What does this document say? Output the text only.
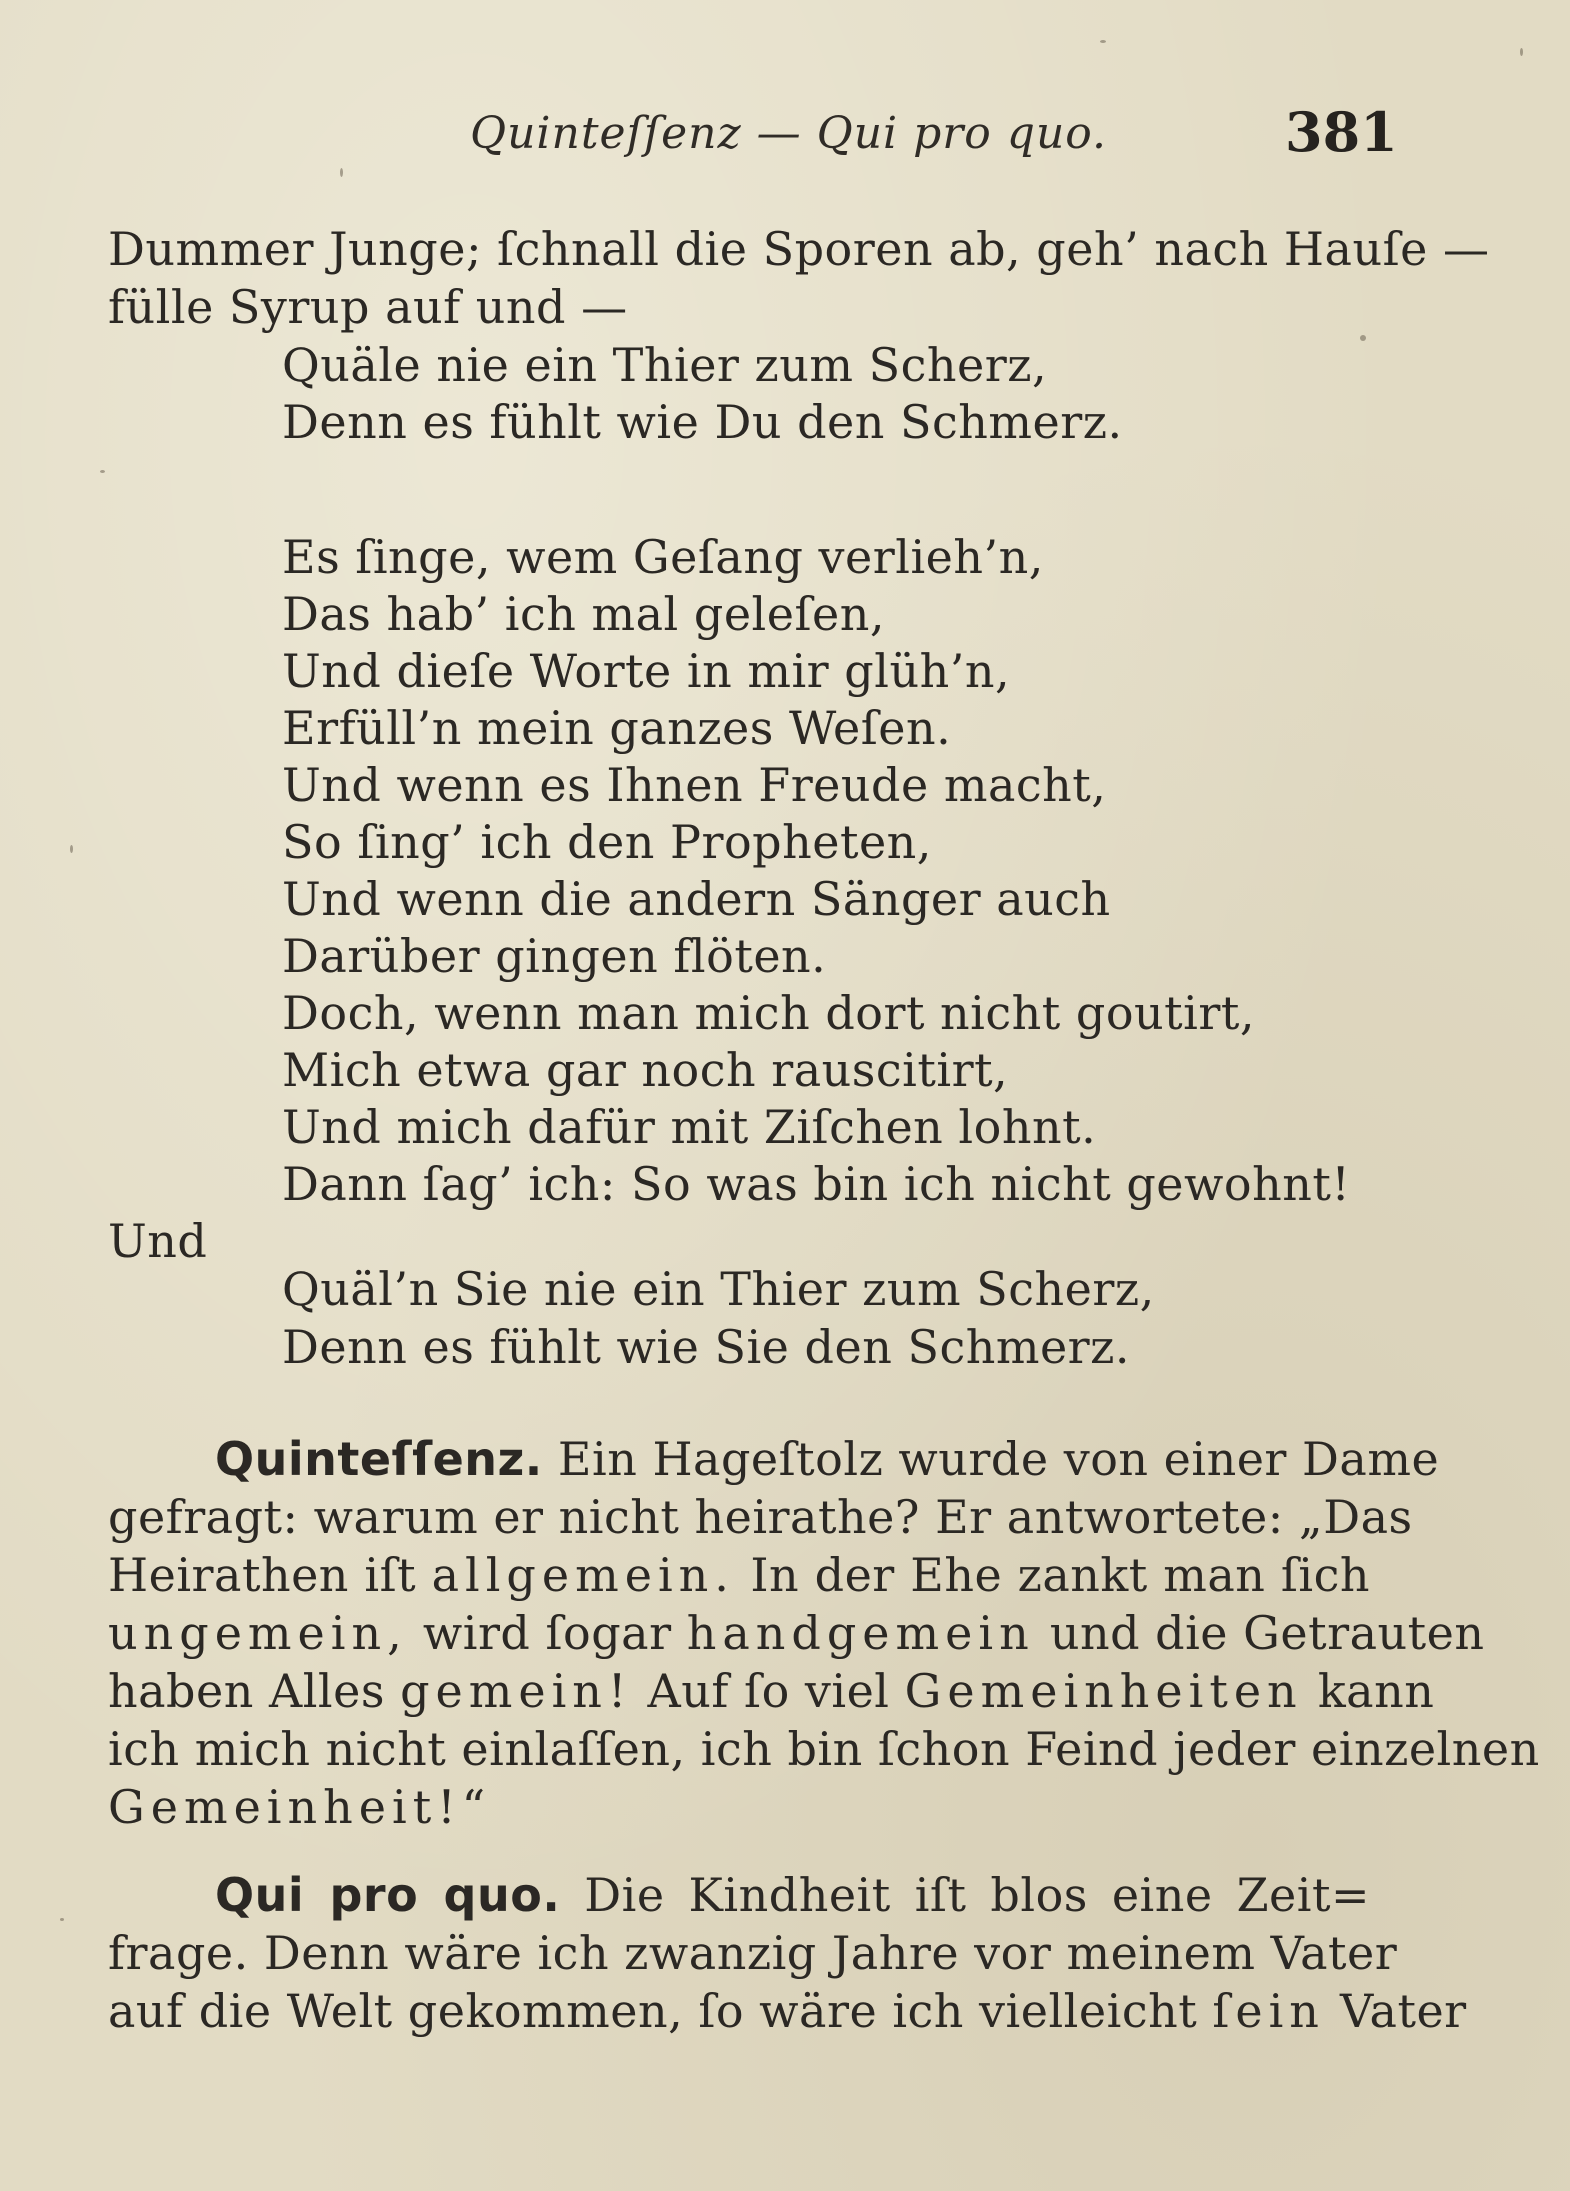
Quinteſſenz — Qui pro quo.	381
Dummer Junge; ſchnall die Sporen ab, geh’ nach Hauſe —
fülle Syrup auf und —
Quäle nie ein Thier zum Scherz,
Denn es fühlt wie Du den Schmerz.
Es ſinge, wem Geſang verlieh’n,
Das hab’ ich mal geleſen,
Und dieſe Worte in mir glüh’n,
Erfüll’n mein ganzes Weſen.
Und wenn es Ihnen Freude macht,
So ſing’ ich den Propheten,
Und wenn die andern Sänger auch
Darüber gingen flöten.
Doch, wenn man mich dort nicht goutirt,
Mich etwa gar noch rauscitirt,
Und mich dafür mit Ziſchen lohnt.
Dann ſag’ ich: So was bin ich nicht gewohnt!
Und
Quäl’n Sie nie ein Thier zum Scherz,
Denn es fühlt wie Sie den Schmerz.
Quinteſſenz. Ein Hageſtolz wurde von einer Dame
gefragt: warum er nicht heirathe? Er antwortete: „Das
Heirathen iſt allgemein. In der Ehe zankt man ſich
ungemein, wird ſogar handgemein und die Getrauten
haben Alles gemein! Auf ſo viel Gemeinheiten kann
ich mich nicht einlaſſen, ich bin ſchon Feind jeder einzelnen
Gemeinheit!“
Qui pro quo. Die Kindheit iſt blos eine Zeit=
frage. Denn wäre ich zwanzig Jahre vor meinem Vater
auf die Welt gekommen, ſo wäre ich vielleicht ſein Vater
